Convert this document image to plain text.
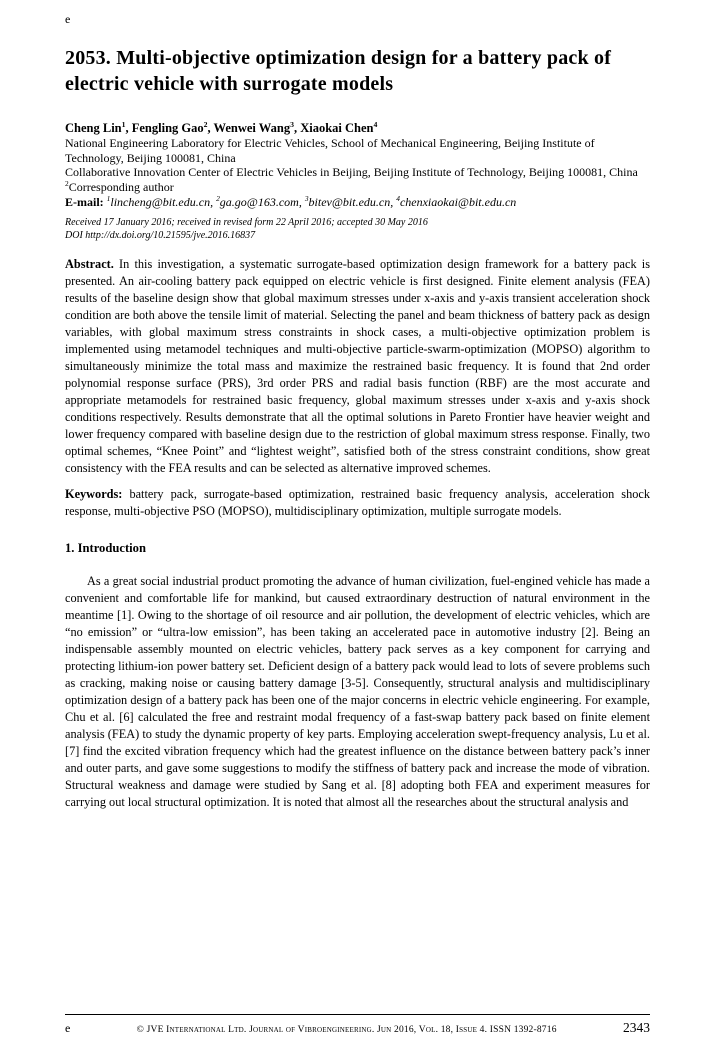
e
2053. Multi-objective optimization design for a battery pack of electric vehicle with surrogate models

Cheng Lin$^1$, Fengling Gao$^2$, Wenwei Wang$^3$, Xiaokai Chen$^4$

National Engineering Laboratory for Electric Vehicles, School of Mechanical Engineering, Beijing Institute of Technology, Beijing 100081, China

Collaborative Innovation Center of Electric Vehicles in Beijing, Beijing Institute of Technology, Beijing 100081, China

$^2$Corresponding author

E-mail: $^1$lincheng@bit.edu.cn, $^2$ga.go@163.com, $^3$bitev@bit.edu.cn, $^4$chenxiaokai@bit.edu.cn

Received 17 January 2016; received in revised form 22 April 2016; accepted 30 May 2016
DOI http://dx.doi.org/10.21595/jve.2016.16837

Abstract. In this investigation, a systematic surrogate-based optimization design framework for a battery pack is presented. An air-cooling battery pack equipped on electric vehicle is first designed. Finite element analysis (FEA) results of the baseline design show that global maximum stresses under x-axis and y-axis transient acceleration shock condition are both above the tensile limit of material. Selecting the panel and beam thickness of battery pack as design variables, with global maximum stress constraints in shock cases, a multi-objective optimization problem is implemented using metamodel techniques and multi-objective particle-swarm-optimization (MOPSO) algorithm to simultaneously minimize the total mass and maximize the restrained basic frequency. It is found that 2nd order polynomial response surface (PRS), 3rd order PRS and radial basis function (RBF) are the most accurate and appropriate metamodels for restrained basic frequency, global maximum stresses under x-axis and y-axis shock conditions respectively. Results demonstrate that all the optimal solutions in Pareto Frontier have heavier weight and lower frequency compared with baseline design due to the restriction of global maximum stress response. Finally, two optimal schemes, “Knee Point” and “lightest weight”, satisfied both of the stress constraint conditions, show great consistency with the FEA results and can be selected as alternative improved schemes.

Keywords: battery pack, surrogate-based optimization, restrained basic frequency analysis, acceleration shock response, multi-objective PSO (MOPSO), multidisciplinary optimization, multiple surrogate models.

1. Introduction

As a great social industrial product promoting the advance of human civilization, fuel-engined vehicle has made a convenient and comfortable life for mankind, but caused extraordinary destruction of natural environment in the meantime [1]. Owing to the shortage of oil resource and air pollution, the development of electric vehicles, which are “no emission” or “ultra-low emission”, has been taking an accelerated pace in automotive industry [2]. Being an indispensable assembly mounted on electric vehicles, battery pack serves as a key component for carrying and protecting lithium-ion power battery set. Deficient design of a battery pack would lead to lots of severe problems such as cracking, making noise or causing battery damage [3-5]. Consequently, structural analysis and multidisciplinary optimization design of a battery pack has been one of the major concerns in electric vehicle engineering. For example, Chu et al. [6] calculated the free and restraint modal frequency of a fast-swap battery pack based on finite element analysis (FEA) to study the dynamic property of key parts. Employing acceleration swept-frequency analysis, Lu et al. [7] find the excited vibration frequency which had the greatest influence on the distance between battery pack’s inner and outer parts, and gave some suggestions to modify the stiffness of battery pack and increase the mode of vibration. Structural weakness and damage were studied by Sang et al. [8] adopting both FEA and experiment measures for carrying out local structural optimization. It is noted that almost all the researches about the structural analysis and

e	© JVE International Ltd. Journal of Vibroengineering. Jun 2016, Vol. 18, Issue 4. ISSN 1392-8716	2343
